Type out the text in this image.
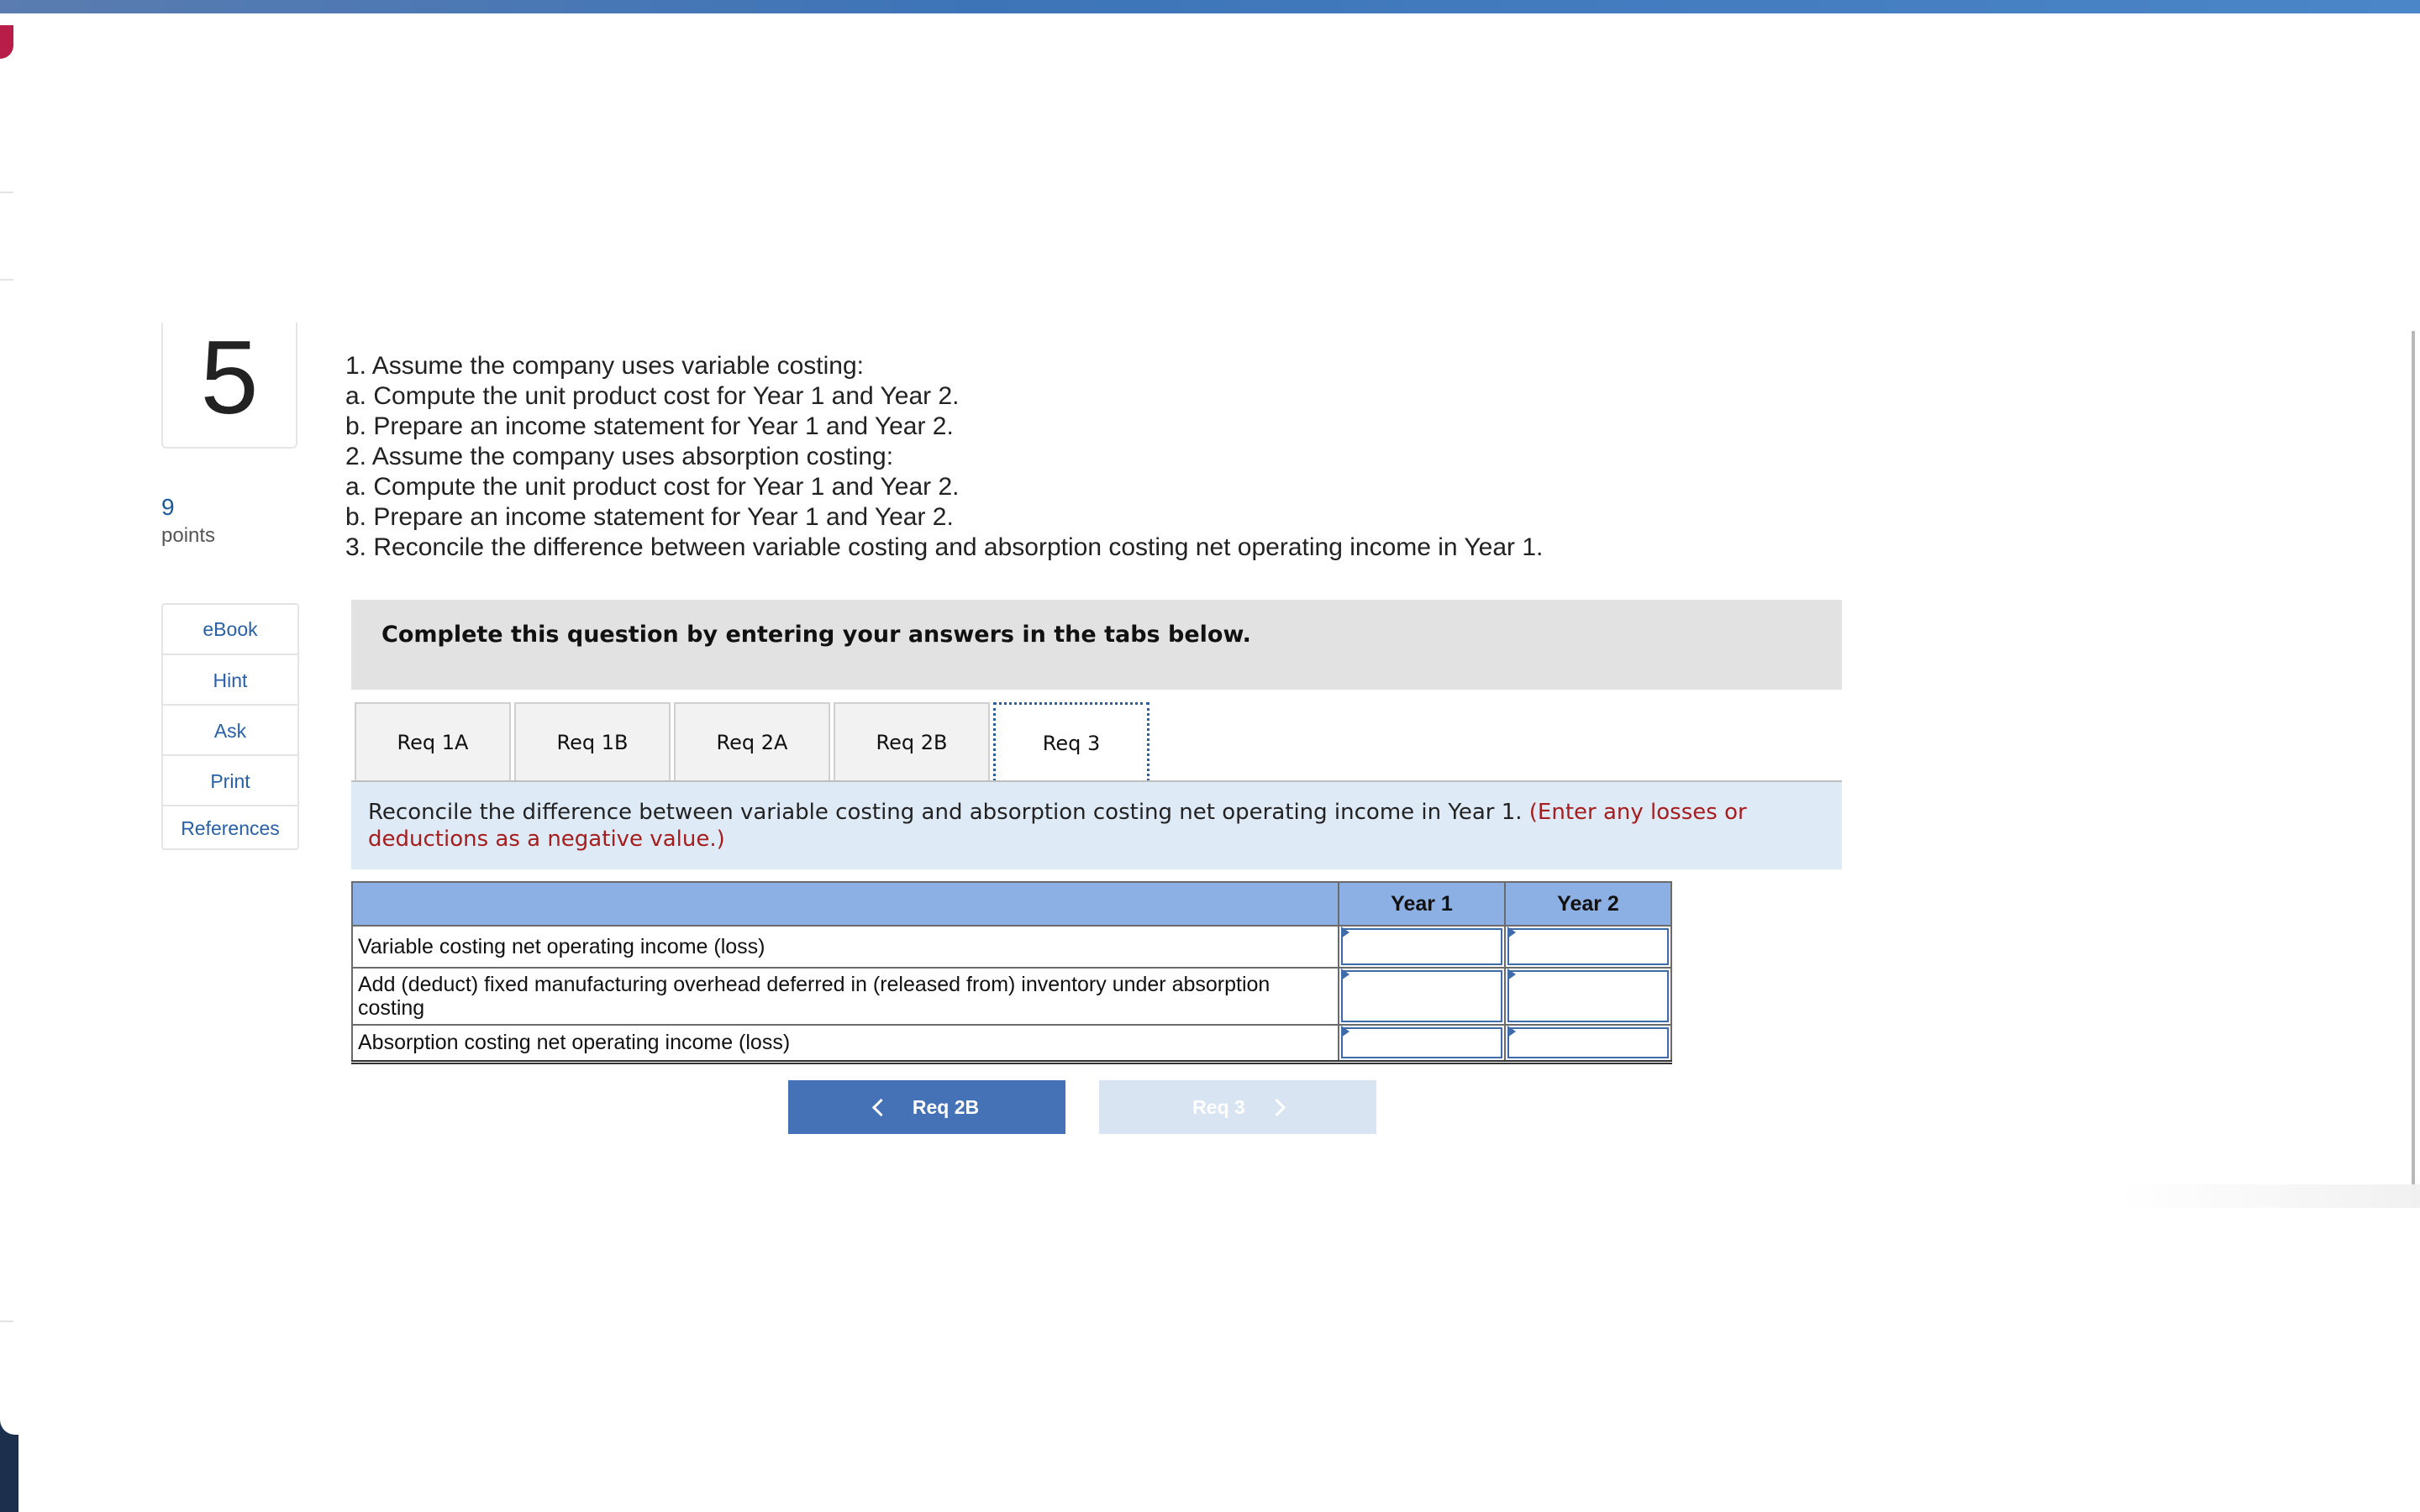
5
9
points
eBook
Hint
Ask
Print
References
1. Assume the company uses variable costing:
a. Compute the unit product cost for Year 1 and Year 2.
b. Prepare an income statement for Year 1 and Year 2.
2. Assume the company uses absorption costing:
a. Compute the unit product cost for Year 1 and Year 2.
b. Prepare an income statement for Year 1 and Year 2.
3. Reconcile the difference between variable costing and absorption costing net operating income in Year 1.
Complete this question by entering your answers in the tabs below.
Req 1A	Req 1B	Req 2A	Req 2B	Req 3
Reconcile the difference between variable costing and absorption costing net operating income in Year 1. (Enter any losses or deductions as a negative value.)
	Year 1	Year 2
Variable costing net operating income (loss)	

Add (deduct) fixed manufacturing overhead deferred in (released from) inventory under absorption costing	

Absorption costing net operating income (loss)	

Req 2B	Req 3
